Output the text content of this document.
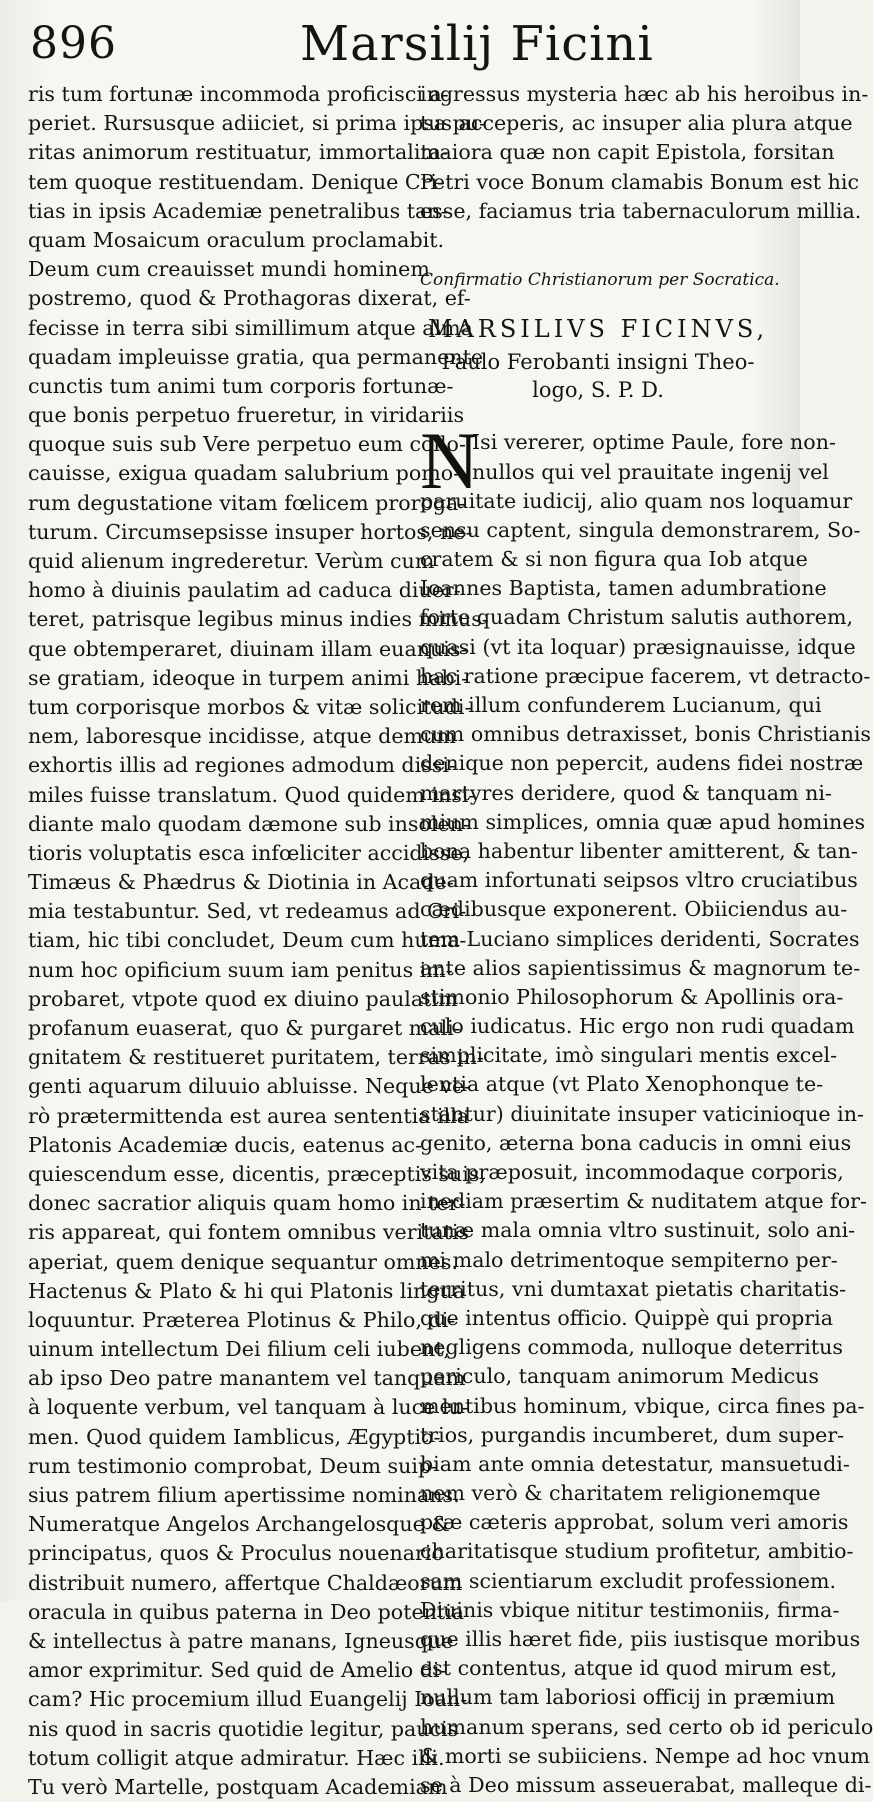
896	Marsilij Ficini
ris tum fortunæ incommoda proficisci a-
periet. Rursusque adiiciet, si prima ipsa pu-
ritas animorum restituatur, immortalita-
tem quoque restituendam. Denique Cri-
tias in ipsis Academiæ penetralibus tan-
quam Mosaicum oraculum proclamabit.
Deum cum creauisset mundi hominem
postremo, quod & Prothagoras dixerat, ef-
fecisse in terra sibi simillimum atque alma
quadam impleuisse gratia, qua permanente
cunctis tum animi tum corporis fortunæ-
que bonis perpetuo frueretur, in viridariis
quoque suis sub Vere perpetuo eum collo-
cauisse, exigua quadam salubrium pomo-
rum degustatione vitam fœlicem proroga-
turum. Circumsepsisse insuper hortos, ne-
quid alienum ingrederetur. Verùm cum
homo à diuinis paulatim ad caduca diuer-
teret, patrisque legibus minus indies minus-
que obtemperaret, diuinam illam euanuis-
se gratiam, ideoque in turpem animi habi-
tum corporisque morbos & vitæ solicitudi-
nem, laboresque incidisse, atque demum
exhortis illis ad regiones admodum dissi-
miles fuisse translatum. Quod quidem insi-
diante malo quodam dæmone sub insolen-
tioris voluptatis esca infœliciter accidisse,
Timæus & Phædrus & Diotinia in Acade-
mia testabuntur. Sed, vt redeamus ad Cri-
tiam, hic tibi concludet, Deum cum huma-
num hoc opificium suum iam penitus im-
probaret, vtpote quod ex diuino paulatim
profanum euaserat, quo & purgaret mali-
gnitatem & restitueret puritatem, terras in-
genti aquarum diluuio abluisse. Neque ve-
rò prætermittenda est aurea sententia illa
Platonis Academiæ ducis, eatenus ac-
quiescendum esse, dicentis, præceptis suis,
donec sacratior aliquis quam homo in ter-
ris appareat, qui fontem omnibus veritatis
aperiat, quem denique sequantur omnes.
Hactenus & Plato & hi qui Platonis lingua
loquuntur. Præterea Plotinus & Philo, di-
uinum intellectum Dei filium celi iubent,
ab ipso Deo patre manantem vel tanquam
à loquente verbum, vel tanquam à luce lu-
men. Quod quidem Iamblicus, Ægyptio-
rum testimonio comprobat, Deum suip-
sius patrem filium apertissime nominans.
Numeratque Angelos Archangelosque &
principatus, quos & Proculus nouenario
distribuit numero, affertque Chaldæorum
oracula in quibus paterna in Deo potentia
& intellectus à patre manans, Igneusque
amor exprimitur. Sed quid de Amelio di-
cam? Hic procemium illud Euangelij Ioan-
nis quod in sacris quotidie legitur, paucis
totum colligit atque admiratur. Hæc illi.
Tu verò Martelle, postquam Academiam
ingressus mysteria hæc ab his heroibus in-
tus acceperis, ac insuper alia plura atque
maiora quæ non capit Epistola, forsitan
Petri voce Bonum clamabis Bonum est hic
esse, faciamus tria tabernaculorum millia.
Confirmatio Christianorum per Socratica.
MARSILIVS FICINVS,
Paulo Ferobanti insigni Theo-
logo, S. P. D.
N
Isi vererer, optime Paule, fore non-
nullos qui vel prauitate ingenij vel
paruitate iudicij, alio quam nos loquamur
sensu captent, singula demonstrarem, So-
cratem & si non figura qua Iob atque
Ioannes Baptista, tamen adumbratione
forte quadam Christum salutis authorem,
quasi (vt ita loquar) præsignauisse, idque
hac ratione præcipue facerem, vt detracto-
rem illum confunderem Lucianum, qui
cum omnibus detraxisset, bonis Christianis
denique non pepercit, audens fidei nostræ
martyres deridere, quod & tanquam ni-
mium simplices, omnia quæ apud homines
bona habentur libenter amitterent, & tan-
quam infortunati seipsos vltro cruciatibus
cædibusque exponerent. Obiiciendus au-
tem Luciano simplices deridenti, Socrates
ante alios sapientissimus & magnorum te-
stimonio Philosophorum & Apollinis ora-
culo iudicatus. Hic ergo non rudi quadam
simplicitate, imò singulari mentis excel-
lentia atque (vt Plato Xenophonque te-
stantur) diuinitate insuper vaticinioque in-
genito, æterna bona caducis in omni eius
vita præposuit, incommodaque corporis,
inediam præsertim & nuditatem atque for-
tunæ mala omnia vltro sustinuit, solo ani-
mi malo detrimentoque sempiterno per-
territus, vni dumtaxat pietatis charitatis-
que intentus officio. Quippè qui propria
negligens commoda, nulloque deterritus
periculo, tanquam animorum Medicus
mentibus hominum, vbique, circa fines pa-
trios, purgandis incumberet, dum super-
biam ante omnia detestatur, mansuetudi-
nem verò & charitatem religionemque
præ cæteris approbat, solum veri amoris
charitatisque studium profitetur, ambitio-
sam scientiarum excludit professionem.
Diuinis vbique nititur testimoniis, firma-
que illis hæret fide, piis iustisque moribus
est contentus, atque id quod mirum est,
nullum tam laboriosi officij in præmium
humanum sperans, sed certo ob id periculo
& morti se subiiciens. Nempe ad hoc vnum
se à Deo missum asseuerabat, malleque di-
